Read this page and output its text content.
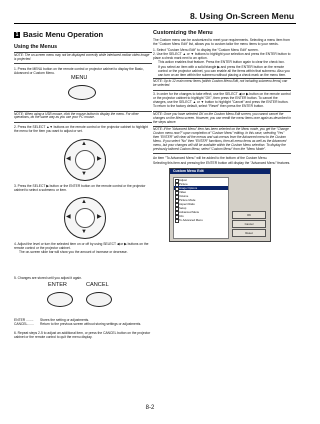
8. Using On-Screen Menu
1 Basic Menu Operation
Using the Menus
NOTE: The on-screen menu may not be displayed correctly while interlaced motion video image is projected.
1. Press the MENU button on the remote control or projector cabinet to display the Basic, Advanced or Custom Menu.
MENU
NOTE: When using a USB mouse, click the mouse button to display the menu. For other operations, do the same way as you use your PC mouse.
2. Press the SELECT ▲▼ buttons on the remote control or the projector cabinet to highlight the menu for the item you want to adjust or set.
▲
▼
◀	▶
3. Press the SELECT ▶ button or the ENTER button on the remote control or the projector cabinet to select a submenu or item.
▲
▼
◀	▶
4. Adjust the level or turn the selected item on or off by using SELECT ◀ or ▶ buttons on the remote control or the projector cabinet.
The on-screen slide bar will show you the amount of increase or decrease.
5. Changes are stored until you adjust it again.
ENTER	CANCEL
ENTER ........ Stores the setting or adjustments.
CANCEL....... Return to the previous screen without storing settings or adjustments.
6. Repeat steps 2-5 to adjust an additional item, or press the CANCEL button on the projector cabinet or the remote control to quit the menu display.
Customizing the Menu
The Custom menu can be customized to meet your requirements. Selecting a menu item from the "Custom Menu Edit" list, allows you to custom tailor the menu items to your needs.
1. Select "Custom Menu Edit" to display the "Custom Menu Edit" screen.
2. Use the SELECT ▲ or ▼ buttons to highlight your selection and press the ENTER button to place a check mark next to an option.
This action enables that feature. Press the ENTER button again to clear the check box.
If you select an item with a solid triangle ▶ and press the ENTER button on the remote control or the projector cabinet, you can enable all the items within that submenu. Also you can turn on an item within the submenu without placing a check mark on the menu item.
NOTE: Up to 12 main menu items (within Custom Menu Edit, not including submenu items) can be selected.
3. In order for the changes to take effect, use the SELECT ◀ or ▶ button on the remote control or the projector cabinet to highlight "OK", then press the ENTER button. To cancel the changes, use the SELECT ▲ or ▼ button to highlight "Cancel" and press the ENTER button. To return to the factory default, select "Reset" then press the ENTER button.
NOTE: Once you have selected OK on the Custom Menu Edit screen, you cannot cancel the changes on the Menu screen. However, you can reedit the menu items over again as described in the steps above.
NOTE: If the "Advanced Menu" item has been selected on the Menu mode, you get the "Change Custom menu now?" upon completion of "Custom Menu" editing. In this case, selecting "Yes" then "ENTER" will clear all the menus and sub-menus from the Advanced menu to the Custom Menu. If you select "No" then "ENTER" functions, then all menu items as well as the Advanced menu, but your changes will still be available within the Custom Menu selection. To display the previously tailored Custom Menu, select "Custom Menu" from the "Menu Mode".
An item "To Advanced Menu" will be added to the bottom of the Custom Menu.
Selecting this item and pressing the ENTER button will display the "Advanced Menu" features.
Custom Menu Edit
Adjust
Picture
Image Options
Video
Volume
Picture Mode
Aspect Ratio
Setup
Advanced Menu
Info
To Advanced Menu
OK
Cancel
Reset
8-2
